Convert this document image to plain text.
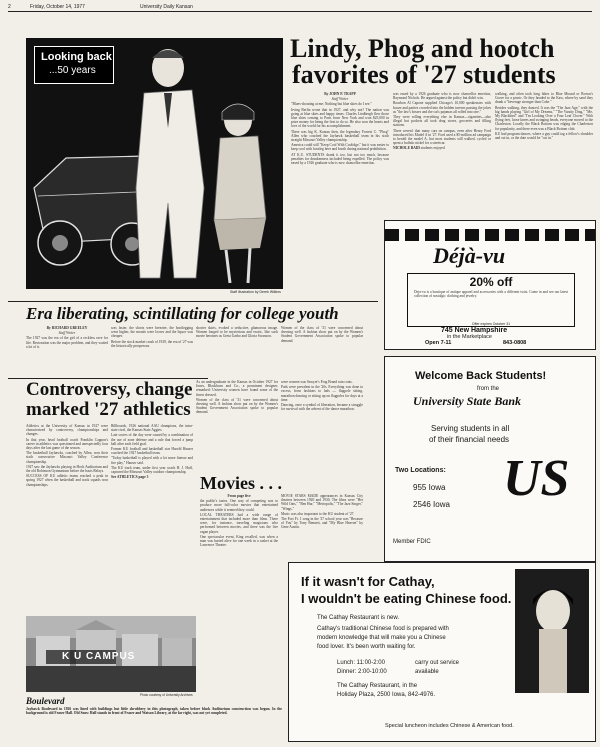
2	Friday, October 14, 1977	University Daily Kansan
Looking back
...50 years
Staff illustration by Derek Wilkins
Lindy, Phog and hootch
favorites of '27 students

By JOHN P. TRAPP

Staff Writer

"Blues-shouting at me; Nothing but blue skies do I see."

Irving Berlin wrote that in 1927, and why not? The nation was going at blue skies and happy times. Charles Lindbergh flew those blue skies coming to Paris from New York and won $25,000 in prize money for being the first to do so. He also won the hearts and love of the world for his accomplishment.

There was big K. Kansas then, the legendary Forrest C. "Phog" Allen who coached the Jayhawk basketball team in his sixth straight Missouri Valley championship.

America could still "Keep Cool With Coolidge," but it was easier to keep cool with bootleg beer and booth during national prohibition.

AT K.U. STUDENTS drank it too, but not too much, because penalties for drunkenness included being expelled. The policy was eased by a 1926 graduate who is now chancellor emeritus.

was eased by a 1926 graduate who is now chancellor emeritus, Raymond Nichols. He argued against the policy but didn't win.

Bourbon Al Capone supplied Chicago's 10,000 speakeasies with booze and parties crowded into the hidden taverns passing the jokes as "the law's bosses and the cat's pajamas all rolled into one."

They were rolling everything else in Kansas—cigarettes—also illegal but pockets all took drug stores, groceries and filling stations.

There weren't that many cars on campus, even after Henry Ford introduced his Model A in '27. Ford used a $5-million ad campaign to herald the model A, but most students still walked, cycled or spent a buffalo nickel for a streetcar.

NICHOLE BAID students enjoyed

walking, and often took long hikes to Blue Mound or Brown's Grove for a picnic. Or they headed to the Kaw, where by sand they drank a "beverage stronger than Coke."

Besides walking, they danced. It was the "The Jazz Age," with the big bands playing "Girl of My Dreams," "The Varsity Drag," "Me, My Blackbird" and "I'm Looking Over a Four Leaf Clover." With flying feet, loose knees and swinging beads, everyone moved to the Charleston. Locally the Black Bottom was edging the Charleston for popularity, and there even was a Black Bottom club.

KU had program dances, where a guy could tag a fellow's shoulder and cut in, or the date would be "cut in."

Era liberating, scintillating for college youth

By RICHARD GREELEY

Staff Writer

The 1927 was the era of the girl of a reckless rave for life. Restoration was the major problem, and they waited a lot of it.

was faster, the shorts were breezier, the bootlegging went higher, the morals were looser and the liquor was cheaper.

Before the stock market crash of 1929, the era of '27 was the historically prosperous.

shorter skirts, evoked a seductive, glamorous image. Women longed to be mysterious and exotic, like such movie heroines as Greta Garbo and Gloria Swanson.

Women of the class of '31 were concerned about dressing well. A fashion show put on by the Women's Student Government Association spoke to popular demand.

Controversy, change
marked '27 athletics

Athletics at the University of Kansas in 1927 were characterized by controversy, championships and changes.

In that year, head football coach Franklin Cappon's career in athletics was questioned and unexpectedly four days after the last game of the season.

The basketball Jayhawks, coached by Allen, won their sixth consecutive Missouri Valley Conference championship.

1927 saw the Jayhawks playing in Hoch Auditorium and the old Robinson Gymnasium before the basis Relays.

SUCCESS OF KU athletic teams reached a peak in spring 1927 when the basketball and track squads won championships.

Billboards, 1926 national AAU champions, the intra-state rival, the Kansas State Aggies.

Late scores of the day were caused by a combination of the use of zone defense and a rule that forced a jump ball after each field goal.

Former KU football and basketball star Harold Hauser coached the 1927 basketball team.

"Today basketball is played with a lot more finesse and fire play," Hauser said.

The KU track team, under first year coach H. J. Huff, captured the Missouri Valley outdoor championship.

See ATHLETICS page 3

As an undergraduate in the Kansas in October 1927 for Jones, Blackburn and Co., a prominent designer, remarked: University women have found some of the finest dressed.

Women of the class of '31 were concerned about dressing well. A fashion show put on by the Women's Student Government Association spoke to popular demand.

were women was Sawyer's Frog Brand rain coats.

Pads were prevalent in the '20s. Everything was done to excess, from fashions to fads — flagpole sitting, marathon dancing or sitting up on flagpoles for days at a time.

Dancing, once a symbol of liberation, became a struggle for survival with the advent of the dance marathon.

Movies . . .

From page five

the public's tastes. One way of competing was to produce more full-color movies that entertained audiences while it seemed they could.

LOCAL THEATERS had a wide range of entertainment that included more than films. There were, for instance, traveling magicians who performed between movies, and there was the live organ player.

One spectacular event, King recalled, was when a man was buried alive for one week in a casket at the Lawrence Theatre.

MOVIE STARS MADE appearances in Kansas City theaters between 1920 and 1930. The films were "Her Wild Oats," "Ben Hur," "Metropolis," "The Jazz Singer," "Wings."

Music was also important to the KU student of '27.

The Fort Ft. 1 song in the '27 school year was "Because of You" by Tony Bennett, and "My Blue Heaven" by Gene Austin.

K U CAMPUS
Photo courtesy of University Archives
Boulevard
Jayhawk Boulevard in 1926 was lined with buildings but little shrubbery in this photograph, taken before black Auditorium construction was begun. In the background is old Fraser Hall. Old Snow Hall stands in front of Fraser and Watson Library, at the far right, was not yet completed.
Déjà-vu
20% off
Deja-vu is a boutique of antique apparel and accessories with a different twist. Come in and see our latest collection of nostalgic clothing and jewelry.
Offer expires October 31
745 New Hampshire
in the Marketplace
Open 7-11	843-0808
Welcome Back Students!
from the
University State Bank
Serving students in all
of their financial needs
Two Locations:
955 Iowa
2546 Iowa US
Member FDIC
If it wasn't for Cathay,
I wouldn't be eating Chinese food.
The Cathay Restaurant is new.
Cathay's traditional Chinese food is prepared with
modern knowledge that will make you a Chinese
food lover. It's been worth waiting for.
Lunch: 11:00-2:00
Dinner: 2:00-10:00
carry out service
available
The Cathay Restaurant, in the
Holiday Plaza, 2500 Iowa, 842-4976.
Special luncheon includes Chinese & American food.
